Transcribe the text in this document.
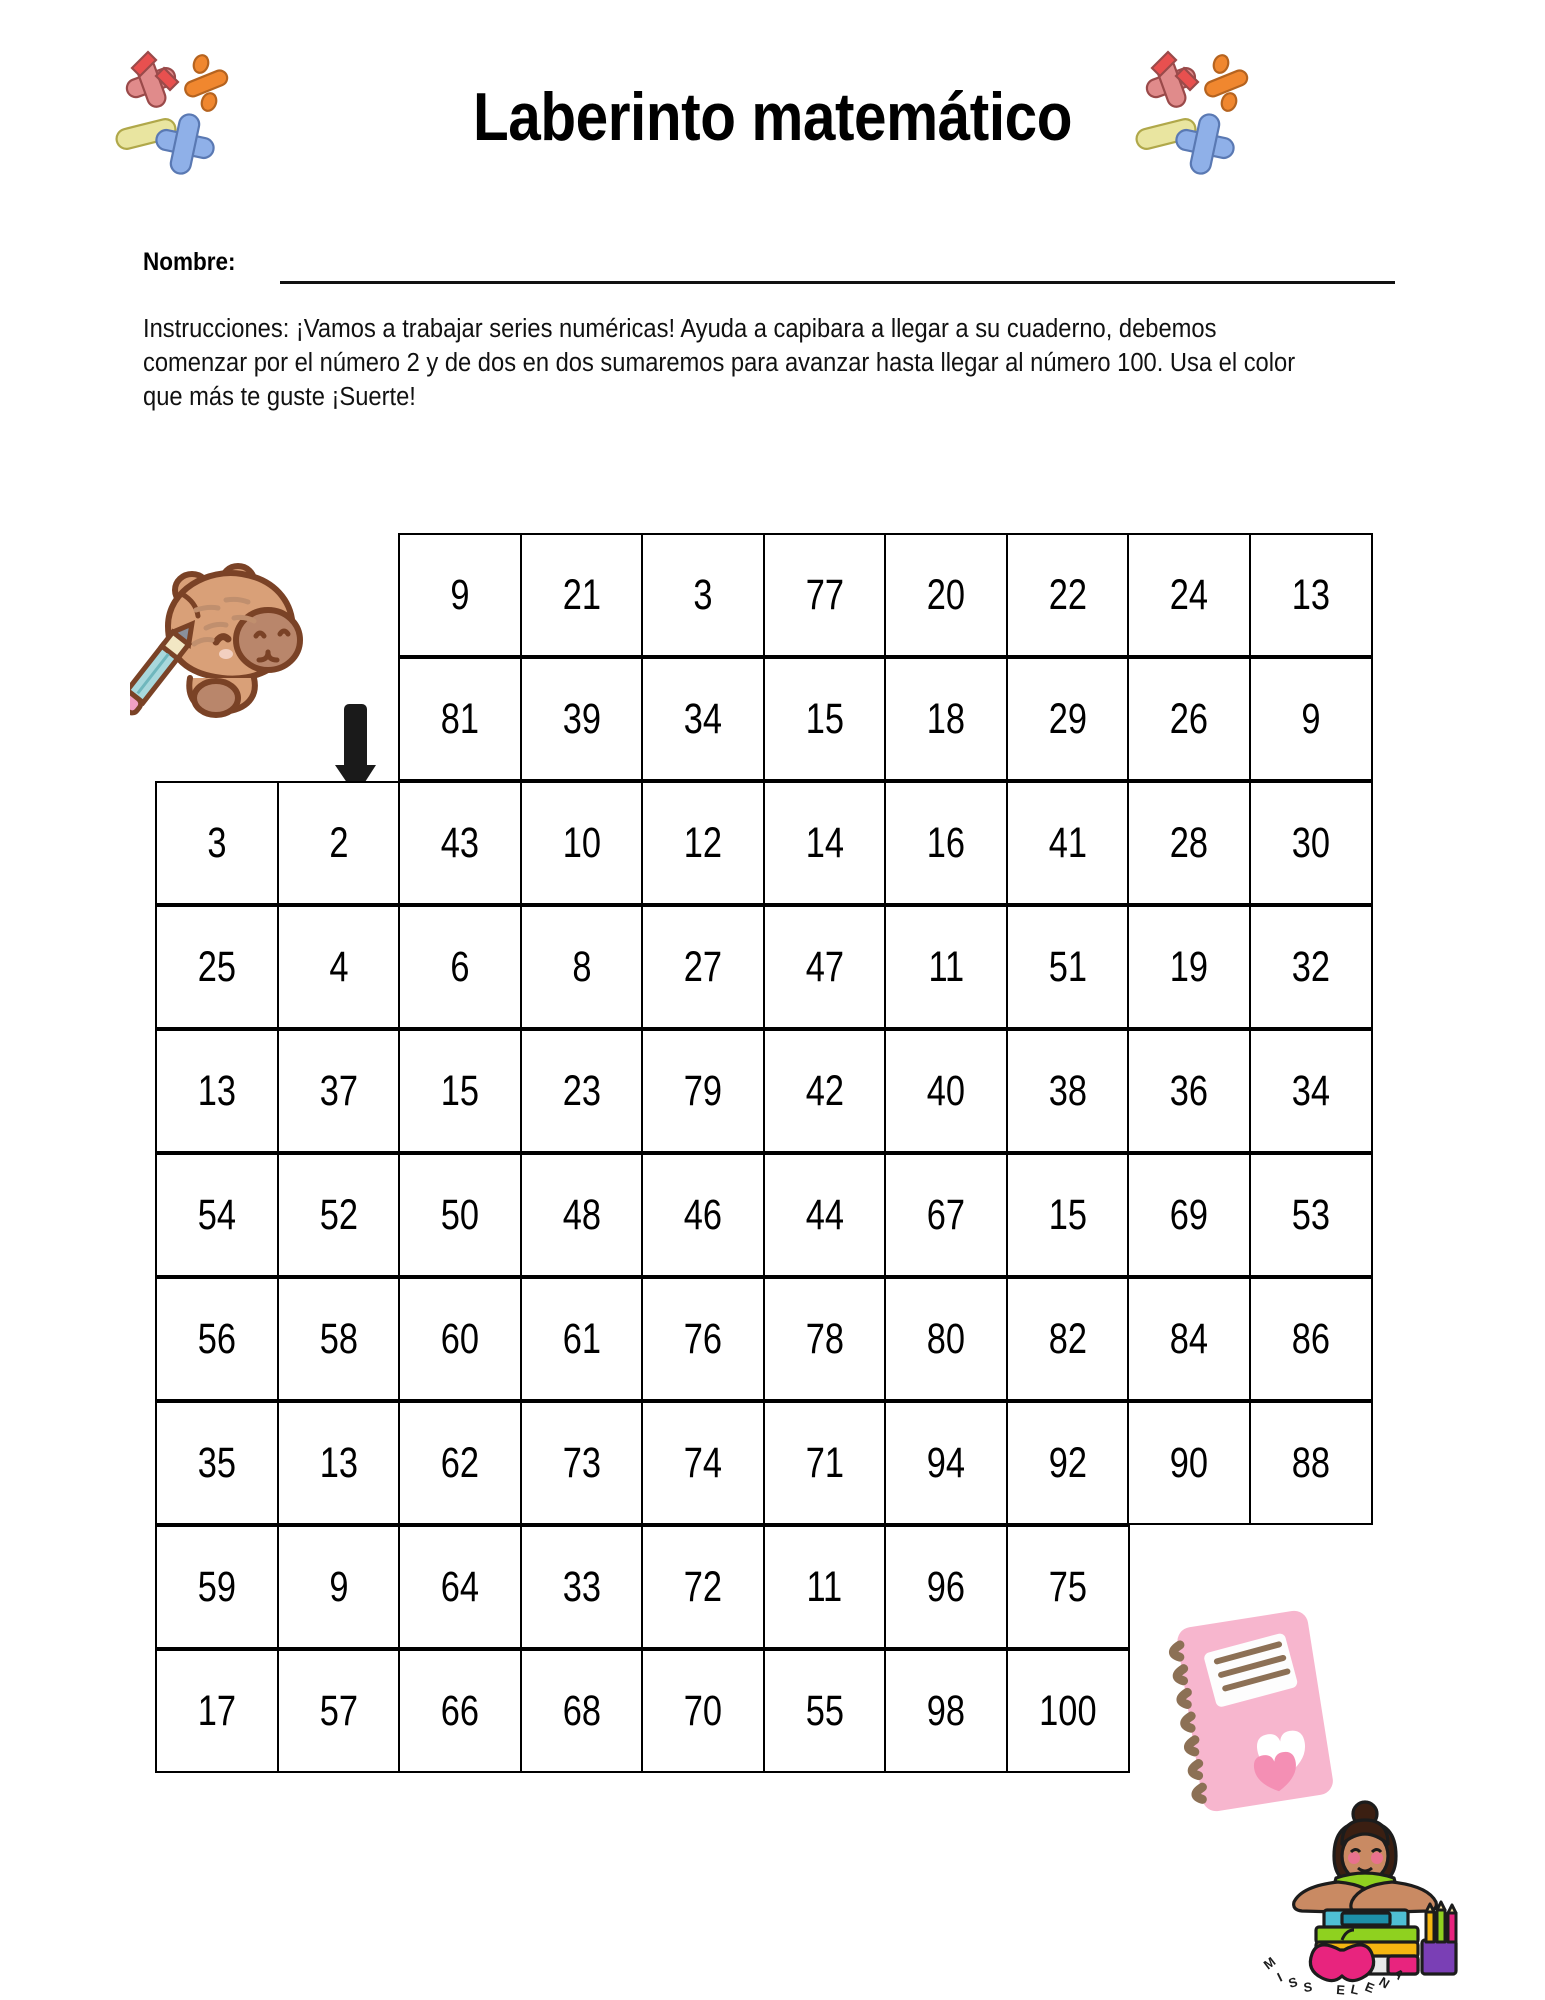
Laberinto matemático
Nombre:
Instrucciones: ¡Vamos a trabajar series numéricas! Ayuda a capibara a llegar a su cuaderno, debemos comenzar por el número 2 y de dos en dos sumaremos para avanzar hasta llegar al número 100. Usa el color que más te guste ¡Suerte!
9 21 3 77 20 22 24 13
81 39 34 15 18 29 26 9
3 2 43 10 12 14 16 41 28 30
25 4 6 8 27 47 11 51 19 32
13 37 15 23 79 42 40 38 36 34
54 52 50 48 46 44 67 15 69 53
56 58 60 61 76 78 80 82 84 86
35 13 62 73 74 71 94 92 90 88
59 9 64 33 72 11 96 75
17 57 66 68 70 55 98 100
M
I S S E L E N
A
